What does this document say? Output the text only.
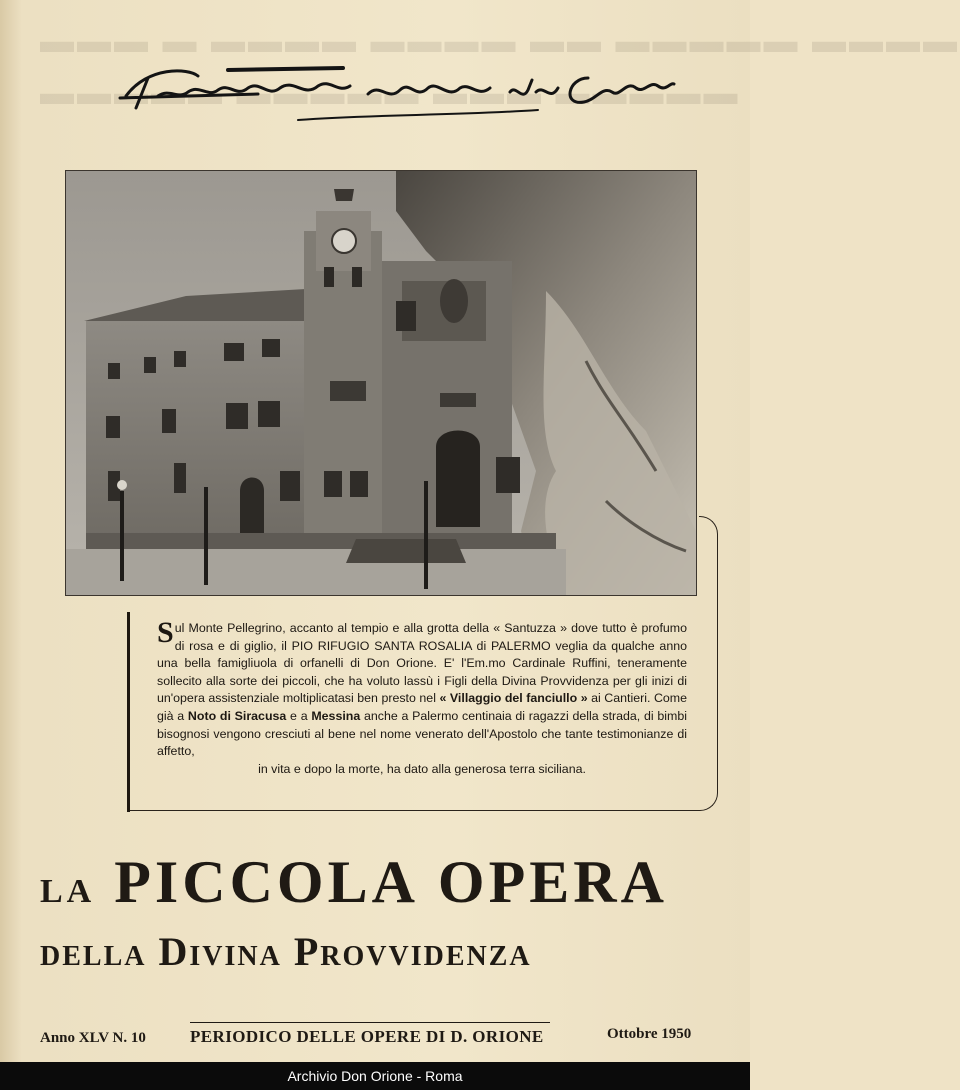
▬▬▬ ▬ ▬▬▬▬ ▬▬▬▬ ▬▬ ▬▬▬▬▬ ▬▬▬▬
▬▬▬▬▬ ▬▬▬▬▬ ▬▬▬ ▬▬▬▬▬
Sul Monte Pellegrino, accanto al tempio e alla grotta della « Santuzza » dove tutto è profumo di rosa e di giglio, il PIO RIFUGIO SANTA ROSALIA di PALERMO veglia da qualche anno una bella famigliuola di orfanelli di Don Orione. E' l'Em.mo Cardinale Ruffini, teneramente sollecito alla sorte dei piccoli, che ha voluto lassù i Figli della Divina Provvidenza per gli inizi di un'opera assistenziale moltiplicatasi ben presto nel « Villaggio del fanciullo » ai Cantieri. Come già a Noto di Siracusa e a Messina anche a Palermo centinaia di ragazzi della strada, di bimbi bisognosi vengono cresciuti al bene nel nome venerato dell'Apostolo che tante testimonianze di affetto,
in vita e dopo la morte, ha dato alla generosa terra siciliana.
LA PICCOLA OPERA
DELLA DIVINA PROVVIDENZA
Anno XLV N. 10	PERIODICO DELLE OPERE DI D. ORIONE	Ottobre 1950
Archivio Don Orione - Roma
